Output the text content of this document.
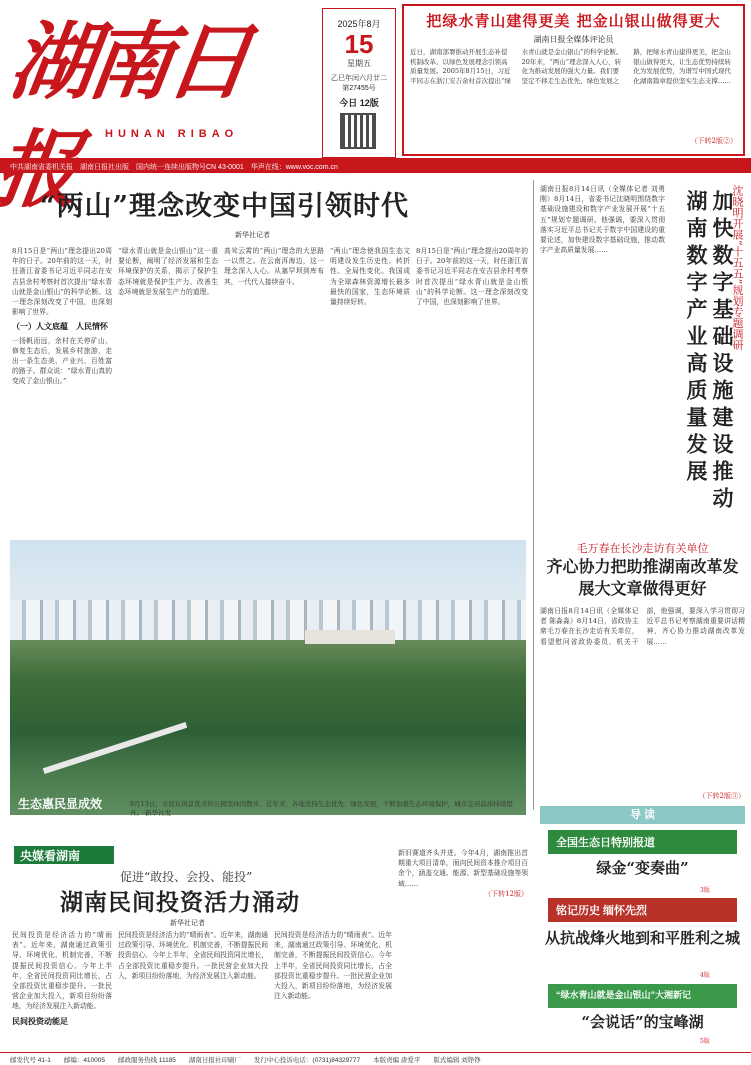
湖南日报	HUNAN RIBAO
2025年8月
15
星期五
乙巳年闰六月廿二
第27455号
今日 12版
把绿水青山建得更美 把金山银山做得更大
湖南日报全媒体评论员
近日，湖南部署推动开展生态补偿机制改革，以绿色发展理念引领高质量发展。2005年8月15日，习近平同志在浙江安吉余村首次提出“绿水青山就是金山银山”的科学论断。20年来，“两山”理念深入人心，转化为推动发展的强大力量。我们要坚定不移走生态优先、绿色发展之路，把绿水青山建得更美，把金山银山做得更大，让生态优势持续转化为发展优势，为谱写中国式现代化湖南篇章提供坚实生态支撑……
（下转2版②）
中共湖南省委机关报　湖南日报社出版　国内统一连续出版物号CN 43-0001　华声在线：www.voc.com.cn
“两山”理念改变中国引领时代
新华社记者
8月15日是“两山”理念提出20周年的日子。20年前的这一天，时任浙江省委书记习近平同志在安吉县余村考察时首次提出“绿水青山就是金山银山”的科学论断。这一理念深刻改变了中国，也深刻影响了世界。
（一）人文底蕴　人民情怀
一扬帆而远，余村在关停矿山、修复生态后，发展乡村旅游，走出一条生态美、产业兴、百姓富的路子。群众说：“绿水青山真的变成了金山银山。”
“绿水青山就是金山银山”这一重要论断，阐明了经济发展和生态环境保护的关系，揭示了保护生态环境就是保护生产力、改善生态环境就是发展生产力的道理。
高耸云霄的“两山”理念的大思路一以贯之。在云南洱海边，这一理念深入人心。从塞罕坝到库布其，一代代人接续奋斗。
“两山”理念使我国生态文明建设发生历史性、转折性、全局性变化。我国成为全球森林资源增长最多最快的国家，生态环境质量持续好转。
8月15日是“两山”理念提出20周年的日子。20年前的这一天，时任浙江省委书记习近平同志在安吉县余村考察时首次提出“绿水青山就是金山银山”的科学论断。这一理念深刻改变了中国，也深刻影响了世界。
生态惠民显成效	8月13日，市民在风景优美的公园里休闲散步。近年来，各地坚持生态优先、绿色发展，不断加强生态环境保护，城市宜居品质持续提升。 新华社发
湖南日报8月14日讯（全媒体记者 刘勇刚）8月14日，省委书记沈晓明围绕数字基础设施建设和数字产业发展开展“十五五”规划专题调研。他强调，要深入贯彻落实习近平总书记关于数字中国建设的重要论述，加快建设数字基础设施，推动数字产业高质量发展……	加快数字基础设施建设推动湖南数字产业高质量发展	沈晓明开展“十五五”规划专题调研
毛万春在长沙走访有关单位
齐心协力把助推湖南改革发展大文章做得更好
湖南日报8月14日讯（全媒体记者 陈淼淼）8月14日，省政协主席毛万春在长沙走访有关单位，看望慰问省政协委员、机关干部，他强调，要深入学习贯彻习近平总书记考察湖南重要讲话精神，齐心协力推动湖南改革发展……
（下转2版③）
导 读
全国生态日特别报道
绿金“变奏曲”
3版
铭记历史 缅怀先烈
从抗战烽火地到和平胜利之城
4版
“绿水青山就是金山银山”大湘新记
“会说话”的宝峰湖
5版
央媒看湖南
促进“敢投、会投、能投”
湖南民间投资活力涌动
新华社记者
民间投资是经济活力的“晴雨表”。近年来，湖南通过政策引导、环境优化、机制完善，不断提振民间投资信心。今年上半年，全省民间投资同比增长，占全部投资比重稳步提升。一批民营企业加大投入，新项目纷纷落地，为经济发展注入新动能。
民间投资动能足
民间投资是经济活力的“晴雨表”。近年来，湖南通过政策引导、环境优化、机制完善，不断提振民间投资信心。今年上半年，全省民间投资同比增长，占全部投资比重稳步提升。一批民营企业加大投入，新项目纷纷落地，为经济发展注入新动能。
民间投资是经济活力的“晴雨表”。近年来，湖南通过政策引导、环境优化、机制完善，不断提振民间投资信心。今年上半年，全省民间投资同比增长，占全部投资比重稳步提升。一批民营企业加大投入，新项目纷纷落地，为经济发展注入新动能。
新旧赛道齐头并进。今年4月，湖南推出首期重大项目清单，面向民间资本推介项目百余个，涵盖交通、能源、新型基础设施等领域……
（下转12版）
邮发代号 41-1　　邮编：410005　　邮政服务热线 11185　　湖南日报社印刷厂　　发行中心投诉电话：(0731)84329777　　本版责编 唐爱平　　版式编辑 刘铮铮
